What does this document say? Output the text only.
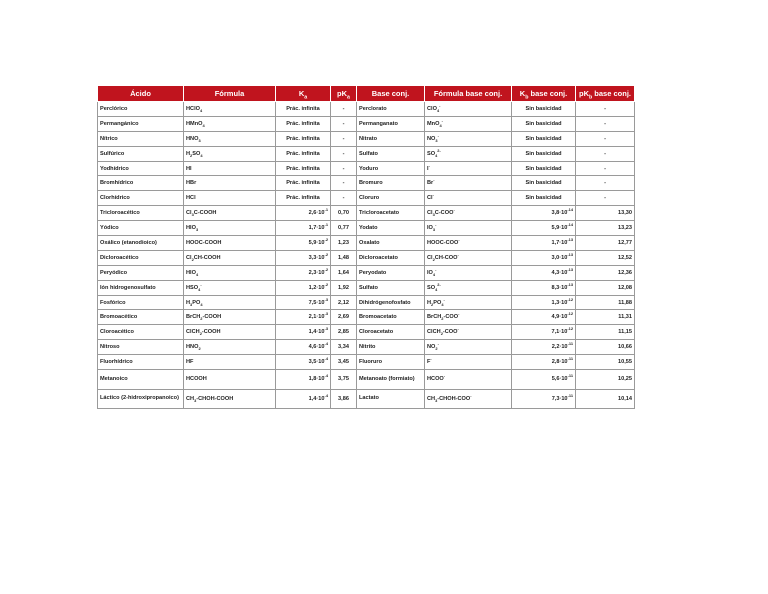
Ácido	Fórmula	$K_a$	$pK_a$	Base conj.	Fórmula base conj.	$K_b$ base conj.	$pK_b$ base conj.
Perclórico	HClO$_4$	Prác. infinita	-	Perclorato	ClO$_4$-	Sin basicidad	-
Permangánico	HMnO$_4$	Prác. infinita	-	Permanganato	MnO$_4$-	Sin basicidad	-
Nítrico	$HNO_3$	Prác. infinita	-	Nitrato	$NO_3^-$	Sin basicidad	-
Sulfúrico	$H_2SO_4$	Prác. infinita	-	Sulfato	$SO_4^{2-}$	Sin basicidad	-
Yodhídrico	HI	Prác. infinita	-	Yoduro	I-	Sin basicidad	-
Bromhídrico	HBr	Prác. infinita	-	Bromuro	Br-	Sin basicidad	-
Clorhídrico	HCl	Prác. infinita	-	Cloruro	Cl-	Sin basicidad	-
Tricloroacético	$Cl_3C$-COOH	$2,6\cdot 10^{-1}$	0,70	Tricloroacetato	$Cl_3C-COO^-$	$3,8\cdot 10^{-14}$	13,30
Yódico	$HIO_3$	$1,7\cdot 10^{-1}$	0,77	Yodato	$IO_3^-$	$5,9\cdot 10^{-14}$	13,23
Oxálico (etanodioico)	HOOC-COOH	$5,9\cdot 10^{-2}$	1,23	Oxalato	HOOC-COO-	$1,7\cdot 10^{-13}$	12,77
Dicloroacético	$Cl_2CH$-COOH	$3,3\cdot 10^{-2}$	1,48	Dicloroacetato	$Cl_2CH-COO^-$	$3,0\cdot 10^{-13}$	12,52
Peryódico	$HIO_4$	$2,3\cdot 10^{-2}$	1,64	Peryodato	$IO_4^-$	$4,3\cdot 10^{-13}$	12,36
Ión hidrogenosulfato	$HSO_4^-$	$1,2\cdot 10^{-2}$	1,92	Sulfato	$SO_4^{2-}$	$8,3\cdot 10^{-13}$	12,08
Fosfórico	$H_3PO_4$	$7,5\cdot 10^{-3}$	2,12	Dihidrógenofosfato	$H_2PO_4^-$	$1,3\cdot 10^{-12}$	11,88
Bromoacético	BrCH$_2$-COOH	$2,1\cdot 10^{-3}$	2,69	Bromoacetato	BrCH$_2$-COO-	$4,9\cdot 10^{-12}$	11,31
Cloroacético	ClCH$_2$-COOH	$1,4\cdot 10^{-3}$	2,85	Cloroacetato	ClCH$_2$-COO-	$7,1\cdot 10^{-12}$	11,15
Nitroso	$HNO_2$	$4,6\cdot 10^{-4}$	3,34	Nitrito	$NO_2^-$	$2,2\cdot 10^{-11}$	10,66
Fluorhídrico	HF	$3,5\cdot 10^{-4}$	3,45	Fluoruro	F-	$2,8\cdot 10^{-11}$	10,55
Metanoico	HCOOH	$1,8\cdot 10^{-4}$	3,75	Metanoato (formiato)	HCOO-	$5,6\cdot 10^{-11}$	10,25
Láctico (2-hidroxipropanoico)	$CH_3-CHOH$-COOH	$1,4\cdot 10^{-4}$	3,86	Lactato	$CH_3-CHOH-COO^-$	$7,3\cdot 10^{-11}$	10,14
